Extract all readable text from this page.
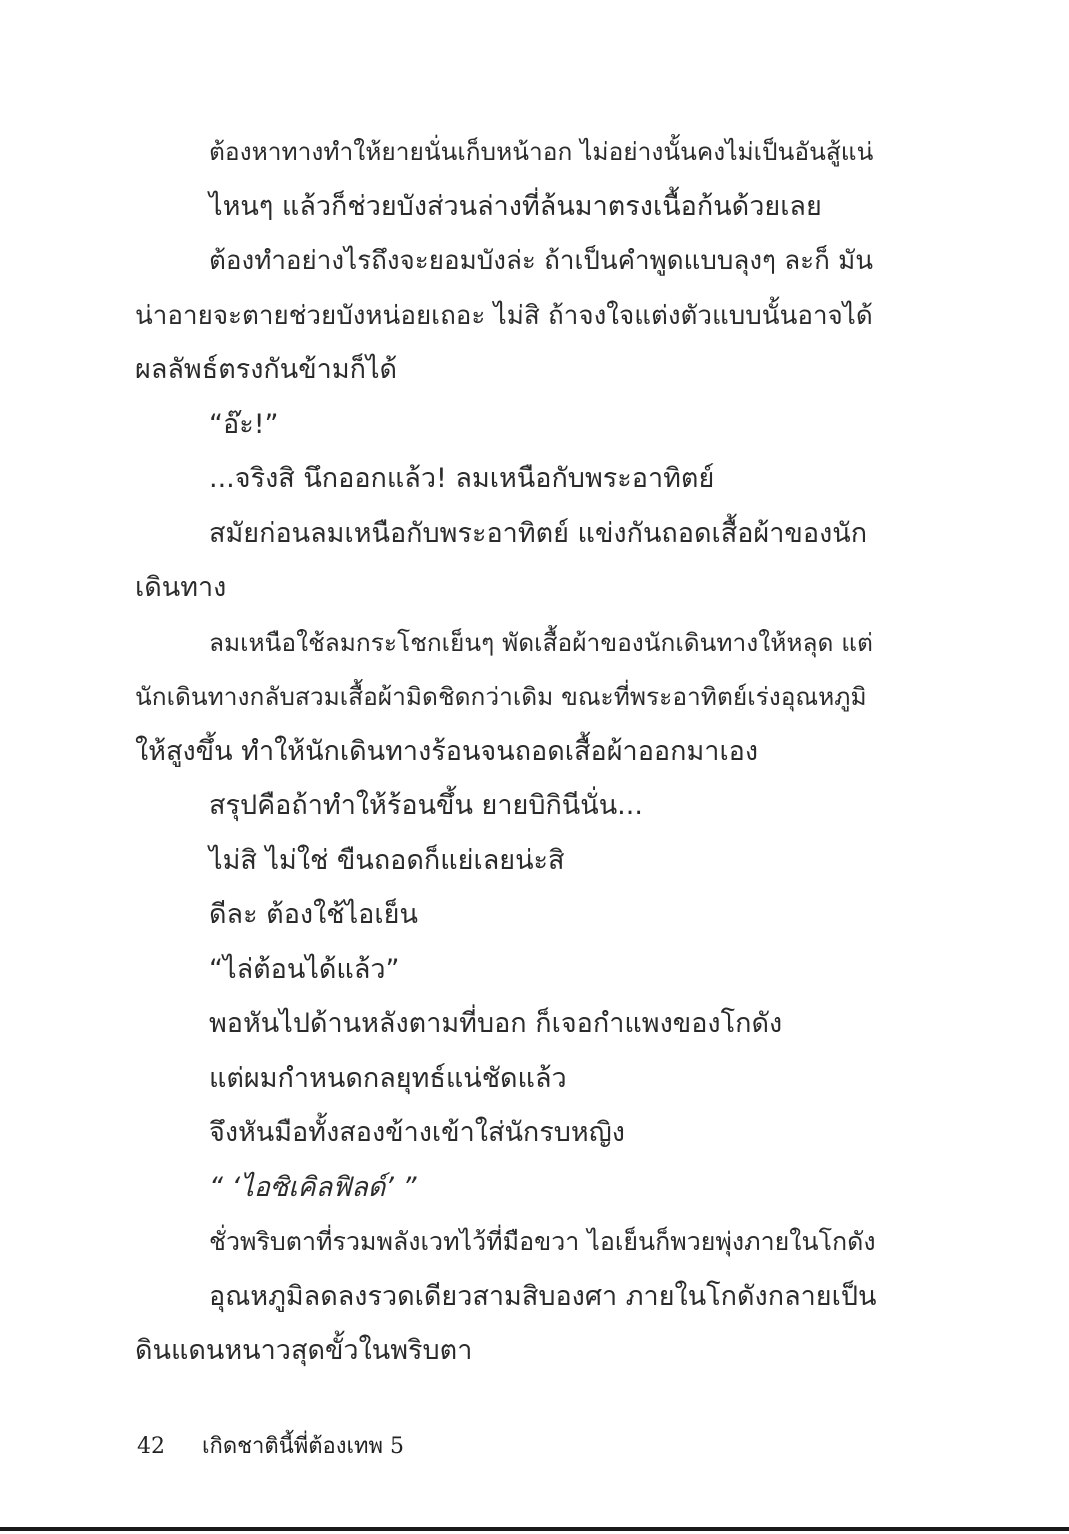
ต้องหาทางทำให้ยายนั่นเก็บหน้าอก ไม่อย่างนั้นคงไม่เป็นอันสู้แน่
ไหนๆ แล้วก็ช่วยบังส่วนล่างที่ล้นมาตรงเนื้อก้นด้วยเลย
ต้องทำอย่างไรถึงจะยอมบังล่ะ ถ้าเป็นคำพูดแบบลุงๆ ละก็ มัน
น่าอายจะตายช่วยบังหน่อยเถอะ ไม่สิ ถ้าจงใจแต่งตัวแบบนั้นอาจได้
ผลลัพธ์ตรงกันข้ามก็ได้
“อ๊ะ!”
...จริงสิ นึกออกแล้ว! ลมเหนือกับพระอาทิตย์
สมัยก่อนลมเหนือกับพระอาทิตย์ แข่งกันถอดเสื้อผ้าของนัก
เดินทาง
ลมเหนือใช้ลมกระโชกเย็นๆ พัดเสื้อผ้าของนักเดินทางให้หลุด แต่
นักเดินทางกลับสวมเสื้อผ้ามิดชิดกว่าเดิม ขณะที่พระอาทิตย์เร่งอุณหภูมิ
ให้สูงขึ้น ทำให้นักเดินทางร้อนจนถอดเสื้อผ้าออกมาเอง
สรุปคือถ้าทำให้ร้อนขึ้น ยายบิกินีนั่น...
ไม่สิ ไม่ใช่ ขืนถอดก็แย่เลยน่ะสิ
ดีละ ต้องใช้ไอเย็น
“ไล่ต้อนได้แล้ว”
พอหันไปด้านหลังตามที่บอก ก็เจอกำแพงของโกดัง
แต่ผมกำหนดกลยุทธ์แน่ชัดแล้ว
จึงหันมือทั้งสองข้างเข้าใส่นักรบหญิง
“ ‘ไอซิเคิลฟิลด์’ ”
ชั่วพริบตาที่รวมพลังเวทไว้ที่มือขวา ไอเย็นก็พวยพุ่งภายในโกดัง
อุณหภูมิลดลงรวดเดียวสามสิบองศา ภายในโกดังกลายเป็น
ดินแดนหนาวสุดขั้วในพริบตา
42 เกิดชาตินี้พี่ต้องเทพ 5
